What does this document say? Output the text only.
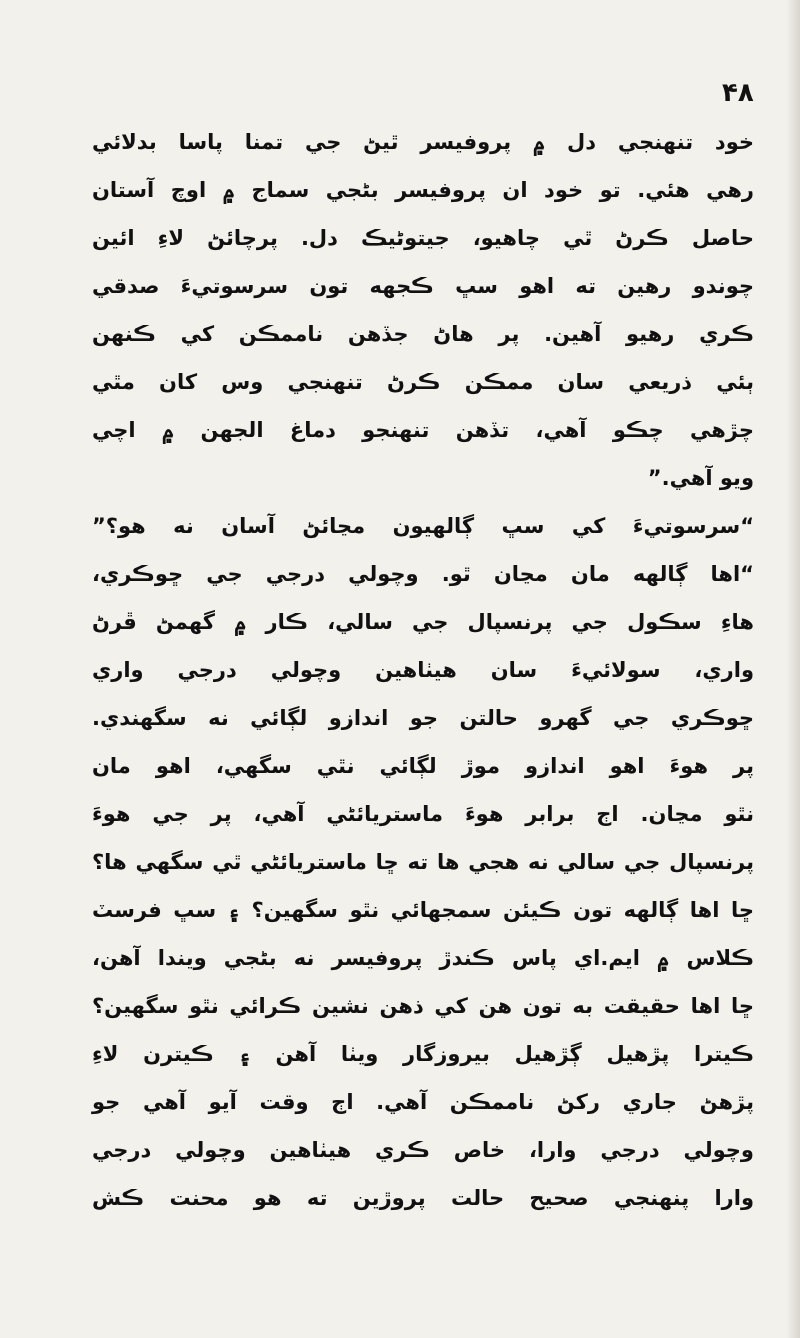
۴۸
خود تنهنجي دل ۾ پروفيسر ٿيڻ جي تمنا پاسا بدلائي
رهي هئي. تو خود ان پروفيسر بڻجي سماج ۾ اوچ آستان
حاصل ڪرڻ ٿي چاهيو، جيتوڻيڪ دل. پرچائڻ لاءِ ائين
چوندو رهين ته اهو سڀ ڪجهه تون سرسوتيءَ صدقي
ڪري رهيو آهين. پر هاڻ جڏهن ناممڪن کي ڪنهن
ٻئي ذريعي سان ممڪن ڪرڻ تنهنجي وس کان مٿي
چڙهي چڪو آهي، تڏهن تنهنجو دماغ الجهن ۾ اچي
ويو آهي.”
“سرسوتيءَ کي سڀ ڳالهيون مڃائڻ آسان نه هو؟”
“اها ڳالهه مان مڃان ٿو. وچولي درجي جي ڇوڪري،
هاءِ سڪول جي پرنسپال جي سالي، ڪار ۾ گهمڻ ڦرڻ
واري، سولائيءَ سان هيٺاهين وچولي درجي واري
ڇوڪري جي گهرو حالتن جو اندازو لڳائي نه سگهندي.
پر هوءَ اهو اندازو موڙ لڳائي نٿي سگهي، اهو مان
نٿو مڃان. اڄ برابر هوءَ ماستريائڻي آهي، پر جي هوءَ
پرنسپال جي سالي نه هجي ها ته ڇا ماستريائڻي ٿي سگهي ها؟
ڇا اها ڳالهه تون ڪيئن سمجهائي نٿو سگهين؟ ۽ سڀ فرسٽ
ڪلاس ۾ ايم.اي پاس ڪندڙ پروفيسر نه بڻجي ويندا آهن،
ڇا اها حقيقت به تون هن کي ذهن نشين ڪرائي نٿو سگهين؟
ڪيترا پڙهيل ڳڙهيل بيروزگار ويٺا آهن ۽ ڪيترن لاءِ
پڙهڻ جاري رکڻ ناممڪن آهي. اڄ وقت آيو آهي جو
وچولي درجي وارا، خاص ڪري هيٺاهين وچولي درجي
وارا پنهنجي صحيح حالت پروڙين ته هو محنت ڪش
